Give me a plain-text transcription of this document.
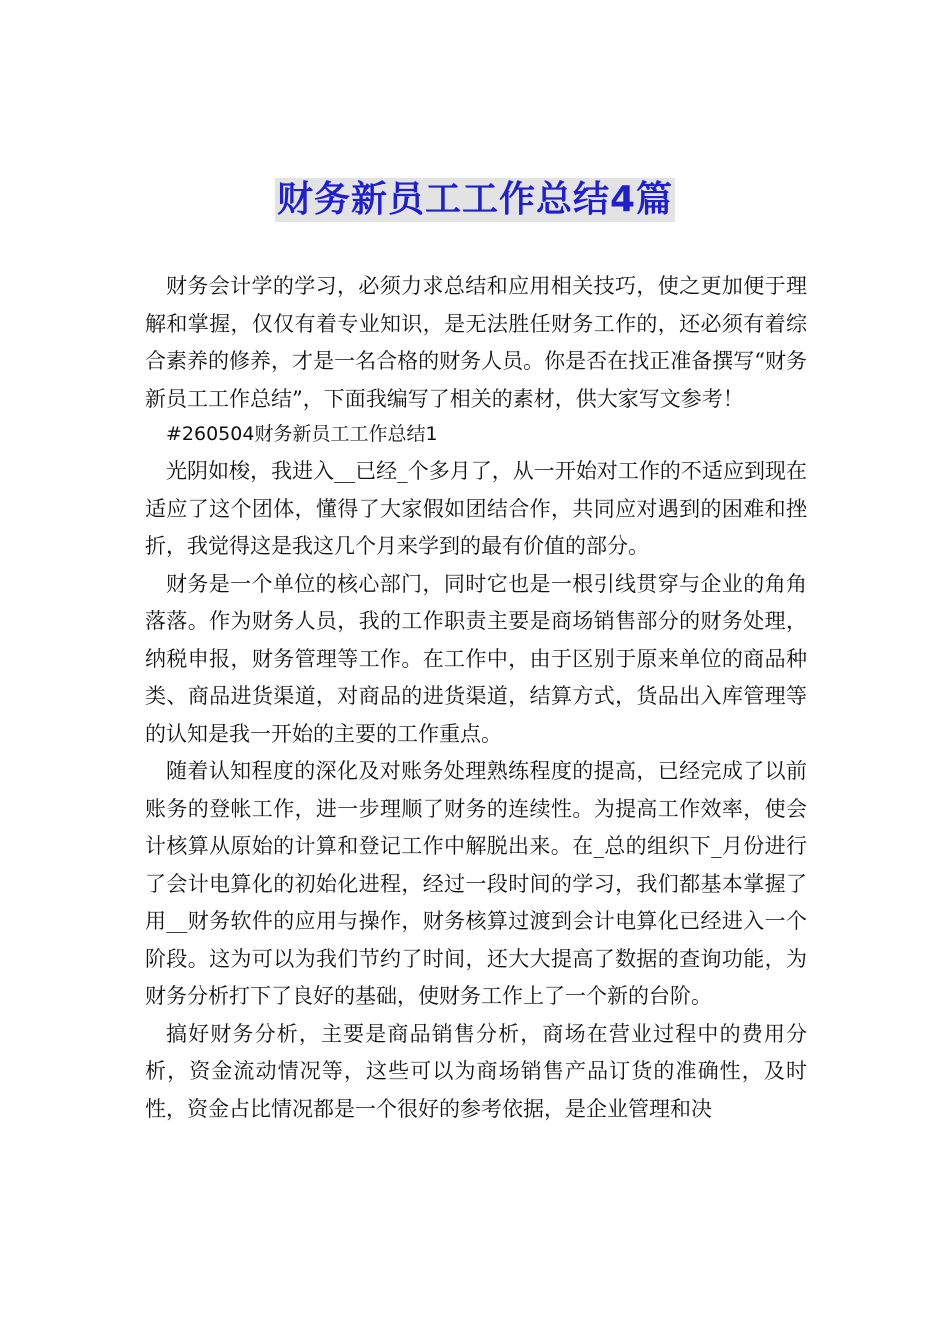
财务新员工工作总结4篇

财务会计学的学习，必须力求总结和应用相关技巧，使之更加便于理解和掌握，仅仅有着专业知识，是无法胜任财务工作的，还必须有着综合素养的修养，才是一名合格的财务人员。你是否在找正准备撰写“财务新员工工作总结”，下面我编写了相关的素材，供大家写文参考！

#260504财务新员工工作总结1

光阴如梭，我进入__已经_个多月了，从一开始对工作的不适应到现在适应了这个团体，懂得了大家假如团结合作，共同应对遇到的困难和挫折，我觉得这是我这几个月来学到的最有价值的部分。

财务是一个单位的核心部门，同时它也是一根引线贯穿与企业的角角落落。作为财务人员，我的工作职责主要是商场销售部分的财务处理，纳税申报，财务管理等工作。在工作中，由于区别于原来单位的商品种类、商品进货渠道，对商品的进货渠道，结算方式，货品出入库管理等的认知是我一开始的主要的工作重点。

随着认知程度的深化及对账务处理熟练程度的提高，已经完成了以前账务的登帐工作，进一步理顺了财务的连续性。为提高工作效率，使会计核算从原始的计算和登记工作中解脱出来。在_总的组织下_月份进行了会计电算化的初始化进程，经过一段时间的学习，我们都基本掌握了用__财务软件的应用与操作，财务核算过渡到会计电算化已经进入一个阶段。这为可以为我们节约了时间，还大大提高了数据的查询功能，为财务分析打下了良好的基础，使财务工作上了一个新的台阶。

搞好财务分析，主要是商品销售分析，商场在营业过程中的费用分析，资金流动情况等，这些可以为商场销售产品订货的准确性，及时性，资金占比情况都是一个很好的参考依据，是企业管理和决
